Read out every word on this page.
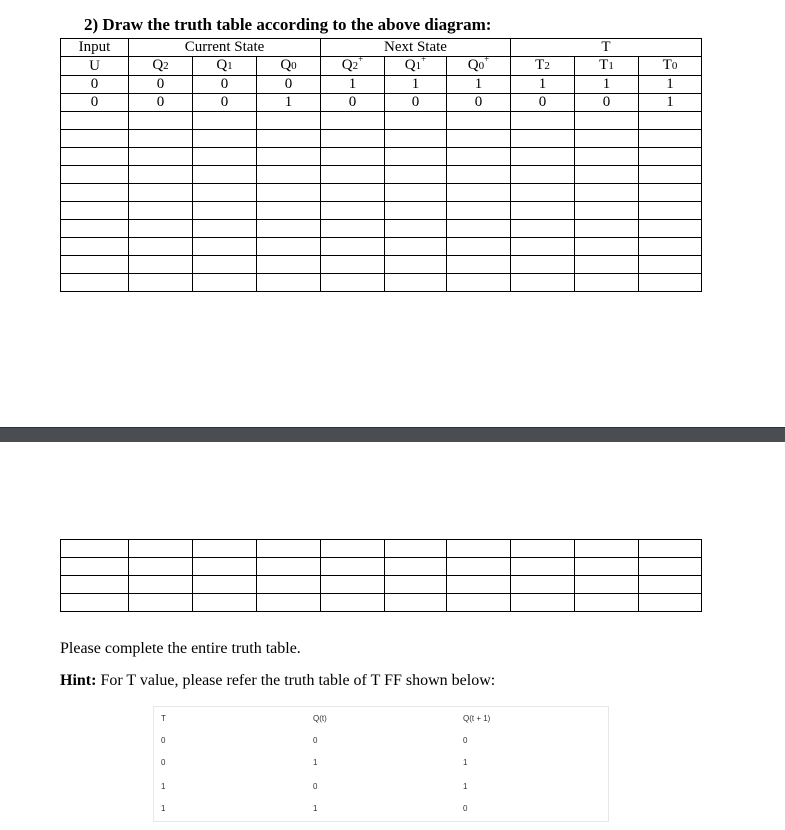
2) Draw the truth table according to the above diagram:
Input	Current State			Next State			T		
U	Q2	Q1	Q0	Q2+	Q1+	Q0+	T2	T1	T0
0	0	0	0	1	1	1	1	1	1
0	0	0	1	0	0	0	0	0	1

Please complete the entire truth table.
Hint: For T value, please refer the truth table of T FF shown below:
T	Q(t)	Q(t + 1)
0	0	0
0	1	1
1	0	1
1	1	0
